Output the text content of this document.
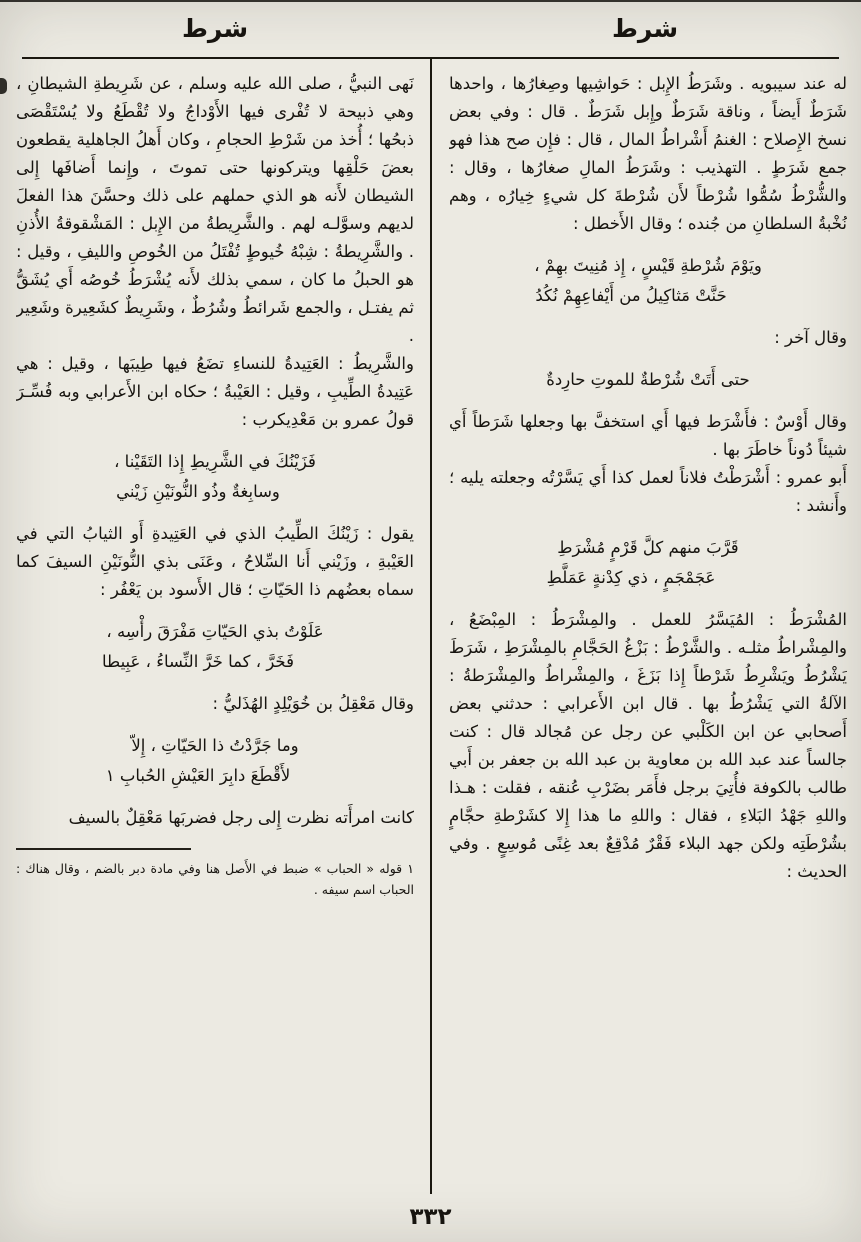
شرط	شرط

له عند سيبويه . وشَرَطُ الإِبل : حَواشِيها وصِغارُها ، واحدها شَرَطٌ أَيضاً ، وناقة شَرَطٌ وإِبل شَرَطٌ . قال : وفي بعض نسخ الإِصلاح : الغنمُ أَشْراطُ المال ، قال : فإِن صح هذا فهو جمع شَرَطٍ . التهذيب : وشَرَطُ المالِ صغارُها ، وقال : والشُّرْطُ سُمُّوا شُرْطاً لأَن شُرْطةَ كل شيءٍ خِيارُه ، وهم نُخْبةُ السلطانِ من جُنده ؛ وقال الأَخطل :

ويَوْمَ شُرْطةِ قَيْسٍ ، إِذ مُنِيتَ بهِمْ ،
حَنَّتْ مَثاكِيلُ من أَيْفاعِهِمْ نُكُدُ

وقال آخر :

حتى أَتَتْ شُرْطةٌ للموتِ حارِدةٌ

وقال أَوْسٌ : فأَشْرَط فيها أَي استخفَّ بها وجعلها شَرَطاً أَي شيئاً دُوناً خاطَرَ بها .

أَبو عمرو : أَشْرَطْتُ فلاناً لعمل كذا أَي يَسَّرْتُه وجعلته يليه ؛ وأَنشد :

قَرَّبَ منهم كلَّ قَرْمٍ مُشْرَطِ
عَجَمْجَمٍ ، ذي كِدْنةٍ عَمَلَّطِ

المُشْرَطُ : المُيَسَّرُ للعمل . والمِشْرَطُ : المِبْضَعُ ، والمِشْراطُ مثلـه . والشَّرْطُ : بَزْغُ الحَجَّامِ بالمِشْرَطِ ، شَرَطَ يَشْرُطُ ويَشْرِطُ شَرْطاً إِذا بَزَغَ ، والمِشْراطُ والمِشْرَطةُ : الآلةُ التي يَشْرُطُ بها . قال ابن الأَعرابي : حدثني بعض أَصحابي عن ابن الكَلْبي عن رجل عن مُجالد قال : كنت جالساً عند عبد الله بن معاوية بن عبد الله بن جعفر بن أَبي طالب بالكوفة فأُتِيَ برجل فأَمَر بضَرْبِ عُنقه ، فقلت : هـذا واللهِ جَهْدُ البَلاءِ ، فقال : واللهِ ما هذا إِلا كشَرْطةِ حجَّامٍ بشُرْطَتِه ولكن جهد البلاء فَقْرٌ مُدْقِعٌ بعد غِنًى مُوسِعٍ . وفي الحديث :

نَهى النبيُّ ، صلى الله عليه وسلم ، عن شَرِيطةِ الشيطانِ ، وهي ذبيحة لا تُفْرى فيها الأَوْداجُ ولا تُقْطَعُ ولا يُسْتَقْصَى ذبحُها ؛ أُخذ من شَرْطِ الحجامِ ، وكان أَهلُ الجاهلية يقطعون بعضَ حَلْقِها ويتركونها حتى تموتَ ، وإِنما أَضافَها إِلى الشيطان لأَنه هو الذي حملهم على ذلك وحسَّنَ هذا الفعلَ لديهم وسوَّلـه لهم . والشَّرِيطةُ من الإِبل : المَشْقوقةُ الأُذنِ . والشَّرِيطةُ : شِبْهُ خُيوطٍ تُفْتَلُ من الخُوصِ والليفِ ، وقيل : هو الحبلُ ما كان ، سمي بذلك لأَنه يُشْرَطُ خُوصُه أَي يُشَقُّ ثم يفتـل ، والجمع شَرائطُ وشُرُطٌ ، وشَرِيطٌ كشَعِيرة وشَعِير .

والشَّرِيطُ : العَتِيدةُ للنساءِ تضَعُ فيها طِيبَها ، وقيل : هي عَتِيدةُ الطِّيبِ ، وقيل : العَيْبةُ ؛ حكاه ابن الأَعرابي وبه فُسِّـرَ قولُ عمرو بن مَعْدِيكرب :

فَزَيْنُكَ في الشَّرِيطِ إِذا التَقَيْنا ،
وسابِغةٌ وذُو النُّونَيْنِ زَيْني

يقول : زَيْنُكَ الطِّيبُ الذي في العَتِيدةِ أَو الثيابُ التي في العَيْبةِ ، وزَيْني أَنا السِّلاحُ ، وعَنَى بذي النُّونَيْنِ السيفَ كما سماه بعضُهم ذا الحَيّاتِ ؛ قال الأَسود بن يَعْفُر :

عَلَوْتُ بذي الحَيّاتِ مَفْرَقَ رأْسِه ،
فَخَرَّ ، كما خَرَّ النِّساءُ ، عَبِيطا

وقال مَعْقِلُ بن خُوَيْلِدٍ الهُذَليُّ :

وما جَرَّدْتُ ذا الحَيّاتِ ، إِلاّ
لأَقْطَعَ دابِرَ العَيْشِ الحُبابِ ١

كانت امرأَته نظرت إِلى رجل فضربَها مَعْقِلٌ بالسيف

١ قوله « الحباب » ضبط في الأَصل هنا وفي مادة دبر بالضم ، وقال هناك : الحباب اسم سيفه .
٣٣٢
